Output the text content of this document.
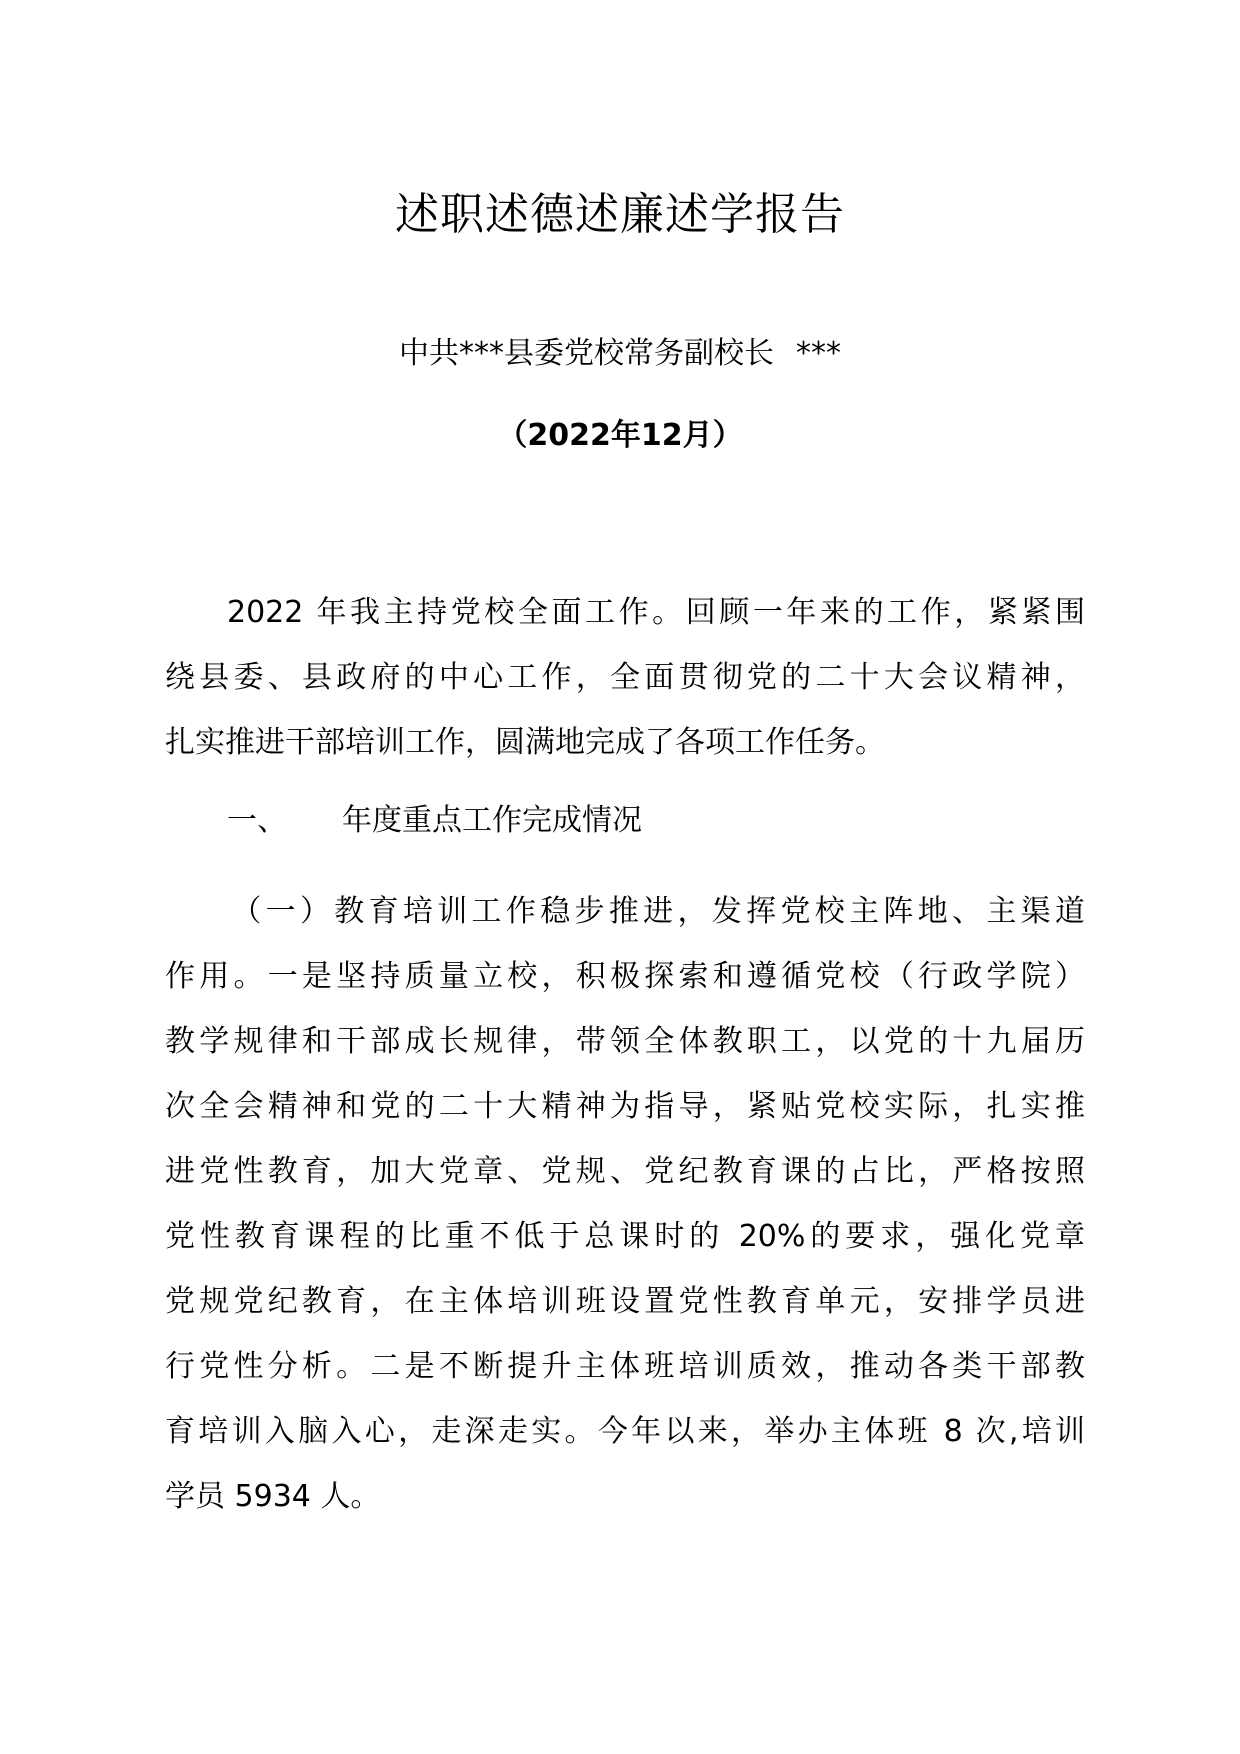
述职述德述廉述学报告
中共***县委党校常务副校长 ***
（2022年12月）
2022 年我主持党校全面工作。回顾一年来的工作，紧紧围
绕县委、县政府的中心工作，全面贯彻党的二十大会议精神，
扎实推进干部培训工作，圆满地完成了各项工作任务。
一、 年度重点工作完成情况
（一）教育培训工作稳步推进，发挥党校主阵地、主渠道
作用。一是坚持质量立校，积极探索和遵循党校（行政学院）
教学规律和干部成长规律，带领全体教职工，以党的十九届历
次全会精神和党的二十大精神为指导，紧贴党校实际，扎实推
进党性教育，加大党章、党规、党纪教育课的占比，严格按照
党性教育课程的比重不低于总课时的 20%的要求，强化党章
党规党纪教育，在主体培训班设置党性教育单元，安排学员进
行党性分析。二是不断提升主体班培训质效，推动各类干部教
育培训入脑入心，走深走实。今年以来，举办主体班 8 次,培训
学员 5934 人。
